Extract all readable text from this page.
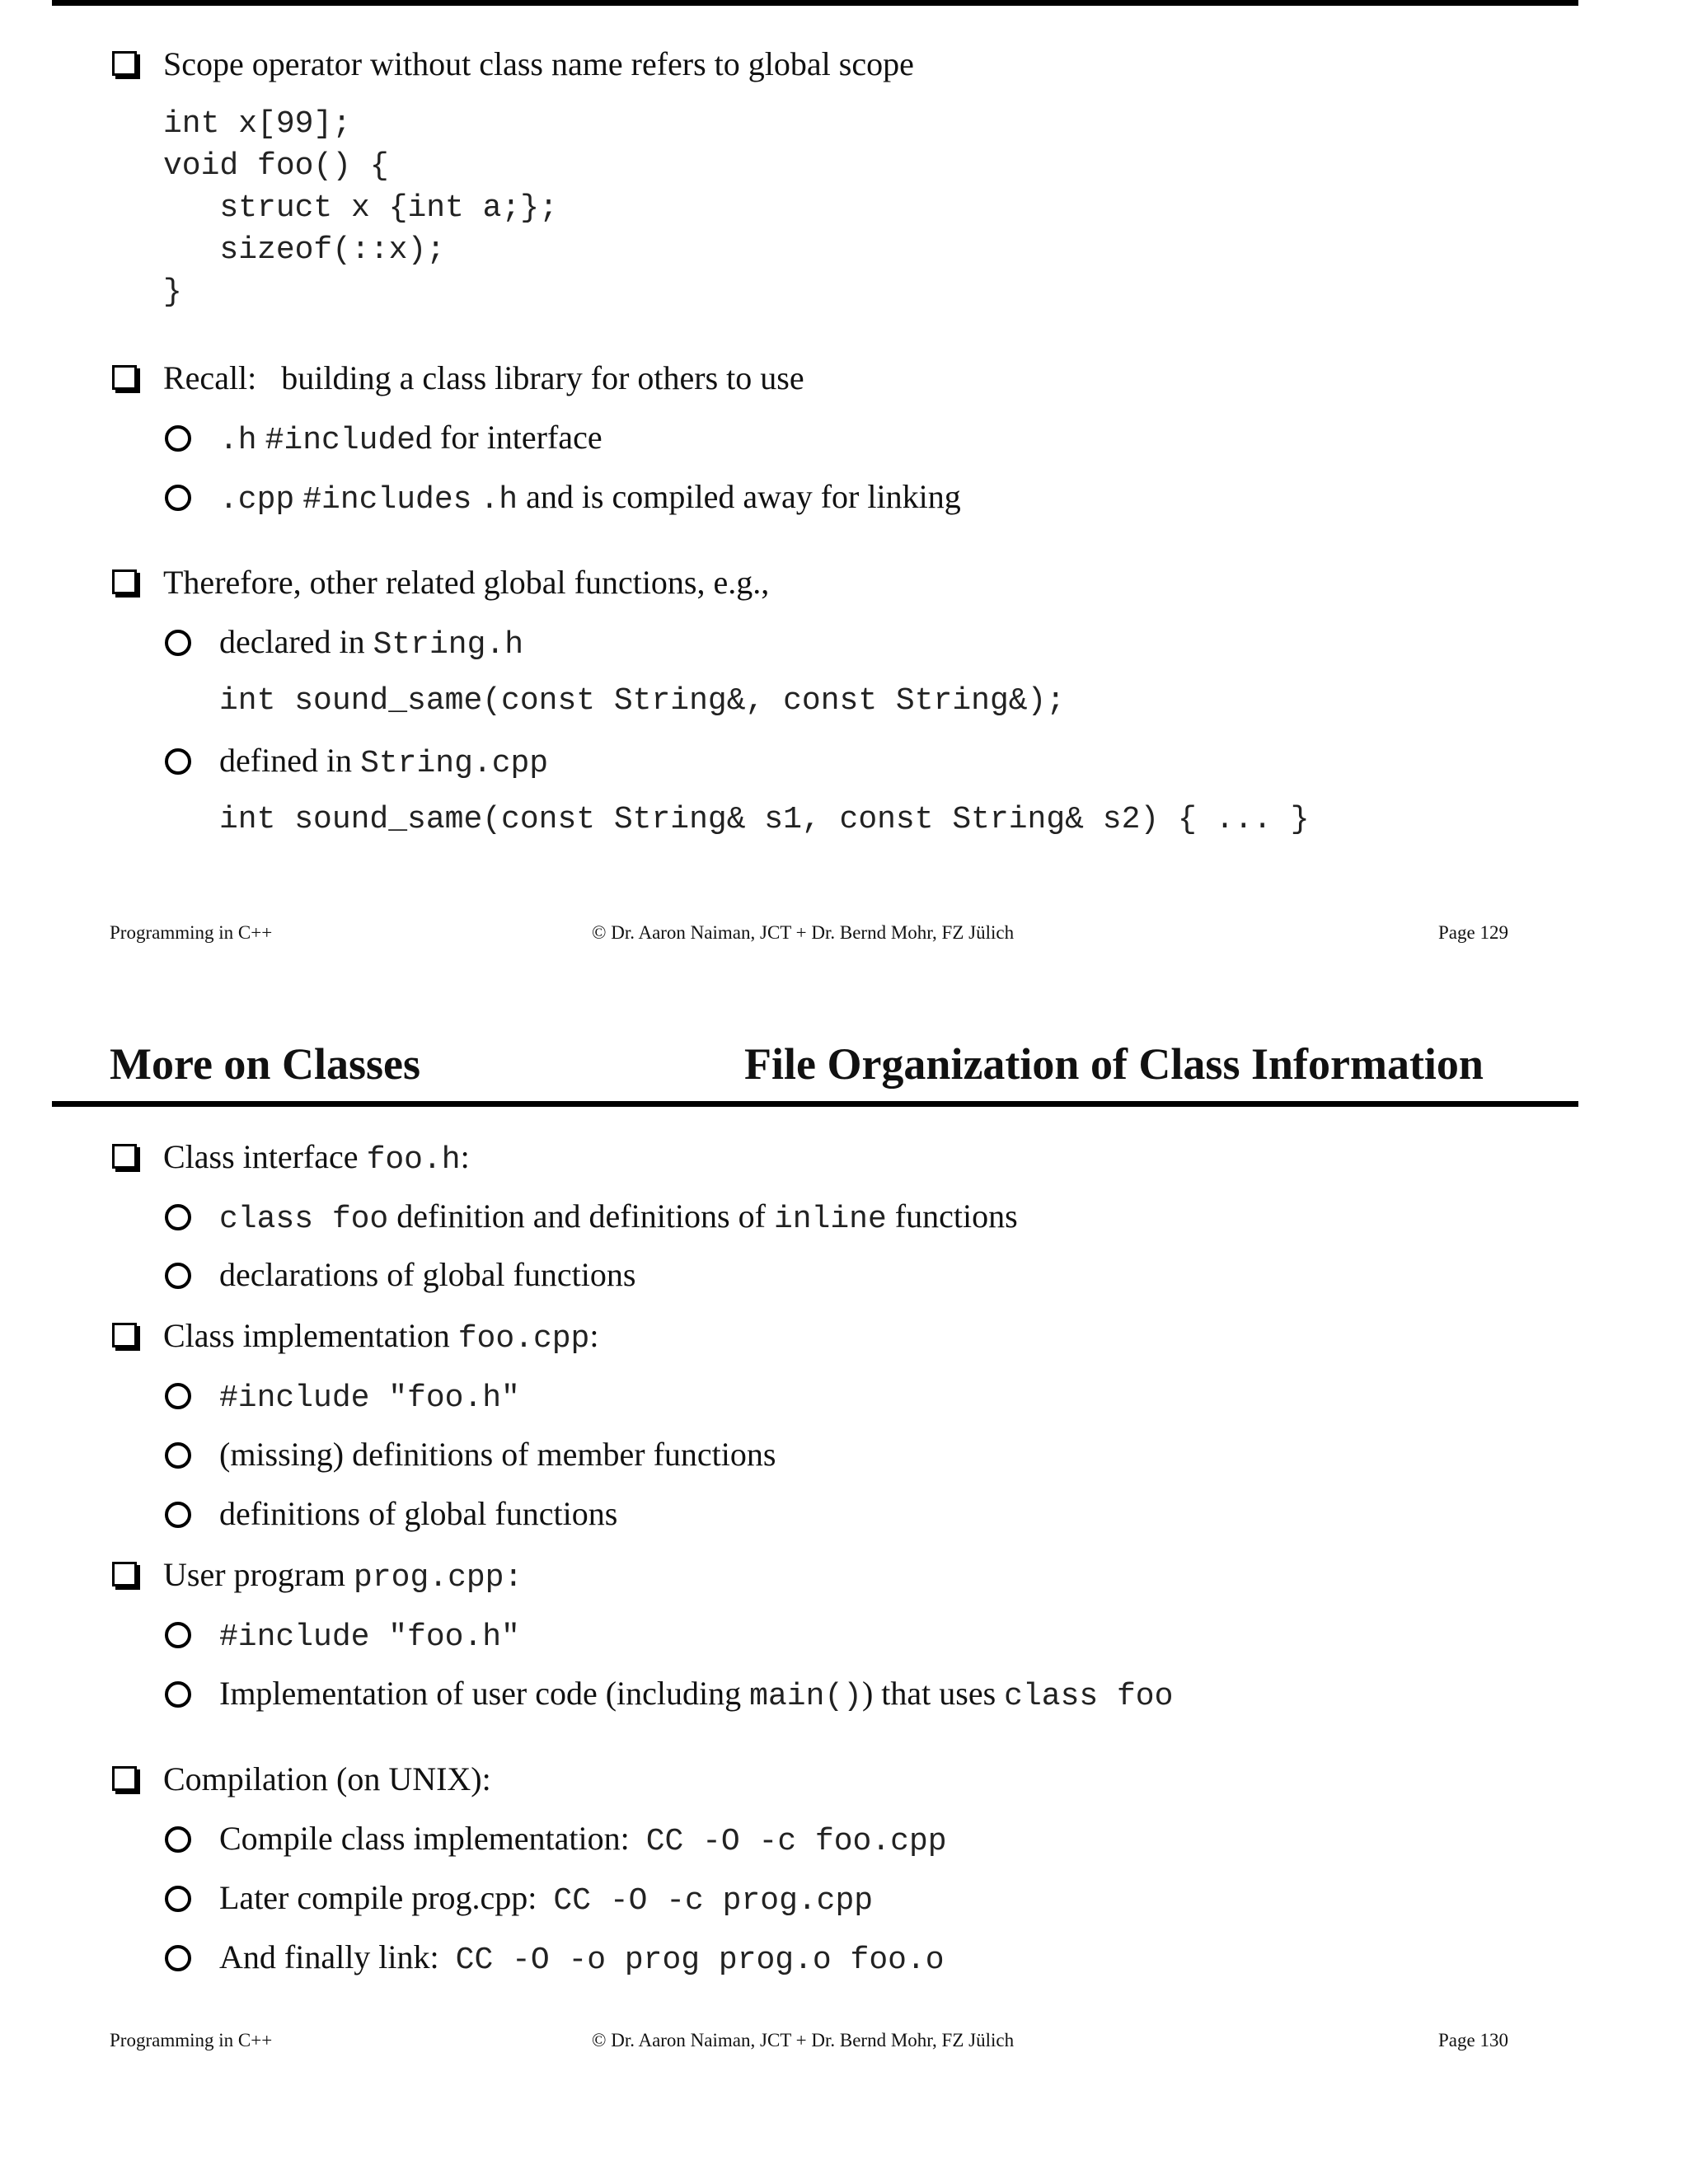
Scope operator without class name refers to global scope
int x[99];
void foo() {
struct x {int a;};
sizeof(::x);
}
Recall:   building a class library for others to use
.h #included for interface
.cpp #includes .h and is compiled away for linking
Therefore, other related global functions, e.g.,
declared in String.h
int sound_same(const String&, const String&);
defined in String.cpp
int sound_same(const String& s1, const String& s2) { ... }
Programming in C++	© Dr. Aaron Naiman, JCT + Dr. Bernd Mohr, FZ Jülich	Page 129
More on Classes	File Organization of Class Information
Class interface foo.h:
class foo definition and definitions of inline functions
declarations of global functions
Class implementation foo.cpp:
#include "foo.h"
(missing) definitions of member functions
definitions of global functions
User program prog.cpp:
#include "foo.h"
Implementation of user code (including main()) that uses class foo
Compilation (on UNIX):
Compile class implementation:  CC -O -c foo.cpp
Later compile prog.cpp:  CC -O -c prog.cpp
And finally link:  CC -O -o prog prog.o foo.o
Programming in C++	© Dr. Aaron Naiman, JCT + Dr. Bernd Mohr, FZ Jülich	Page 130
